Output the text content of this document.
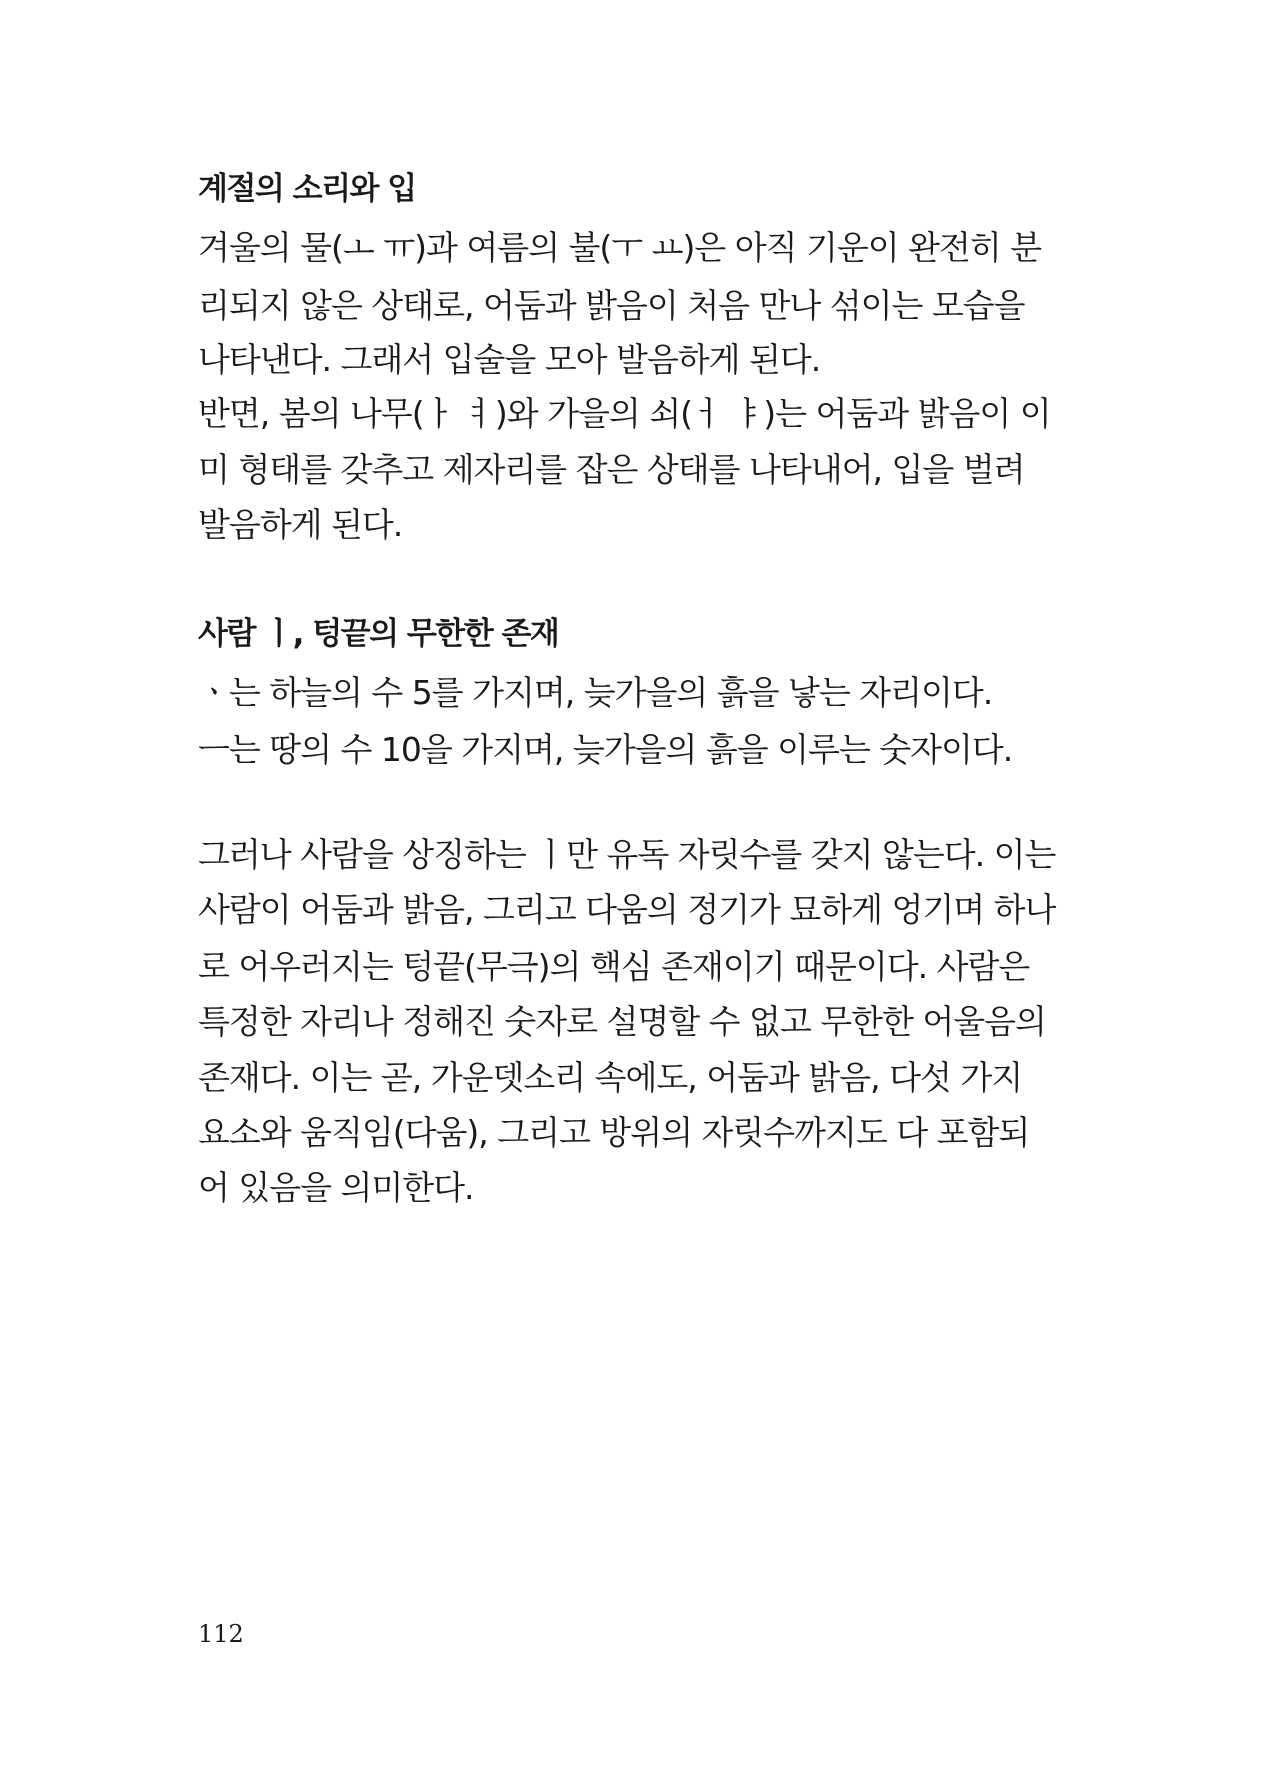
계절의 소리와 입
겨울의 물(ㅗ ㅠ)과 여름의 불(ㅜ ㅛ)은 아직 기운이 완전히 분
리되지 않은 상태로, 어둠과 밝음이 처음 만나 섞이는 모습을
나타낸다. 그래서 입술을 모아 발음하게 된다.
반면, 봄의 나무(ㅏ ㅕ)와 가을의 쇠(ㅓ ㅑ)는 어둠과 밝음이 이
미 형태를 갖추고 제자리를 잡은 상태를 나타내어, 입을 벌려
발음하게 된다.
사람 ㅣ, 텅끝의 무한한 존재
ㆍ는 하늘의 수 5를 가지며, 늦가을의 흙을 낳는 자리이다.
ㅡ는 땅의 수 10을 가지며, 늦가을의 흙을 이루는 숫자이다.
그러나 사람을 상징하는 ㅣ만 유독 자릿수를 갖지 않는다. 이는
사람이 어둠과 밝음, 그리고 다움의 정기가 묘하게 엉기며 하나
로 어우러지는 텅끝(무극)의 핵심 존재이기 때문이다. 사람은
특정한 자리나 정해진 숫자로 설명할 수 없고 무한한 어울음의
존재다. 이는 곧, 가운뎃소리 속에도, 어둠과 밝음, 다섯 가지
요소와 움직임(다움), 그리고 방위의 자릿수까지도 다 포함되
어 있음을 의미한다.
112
